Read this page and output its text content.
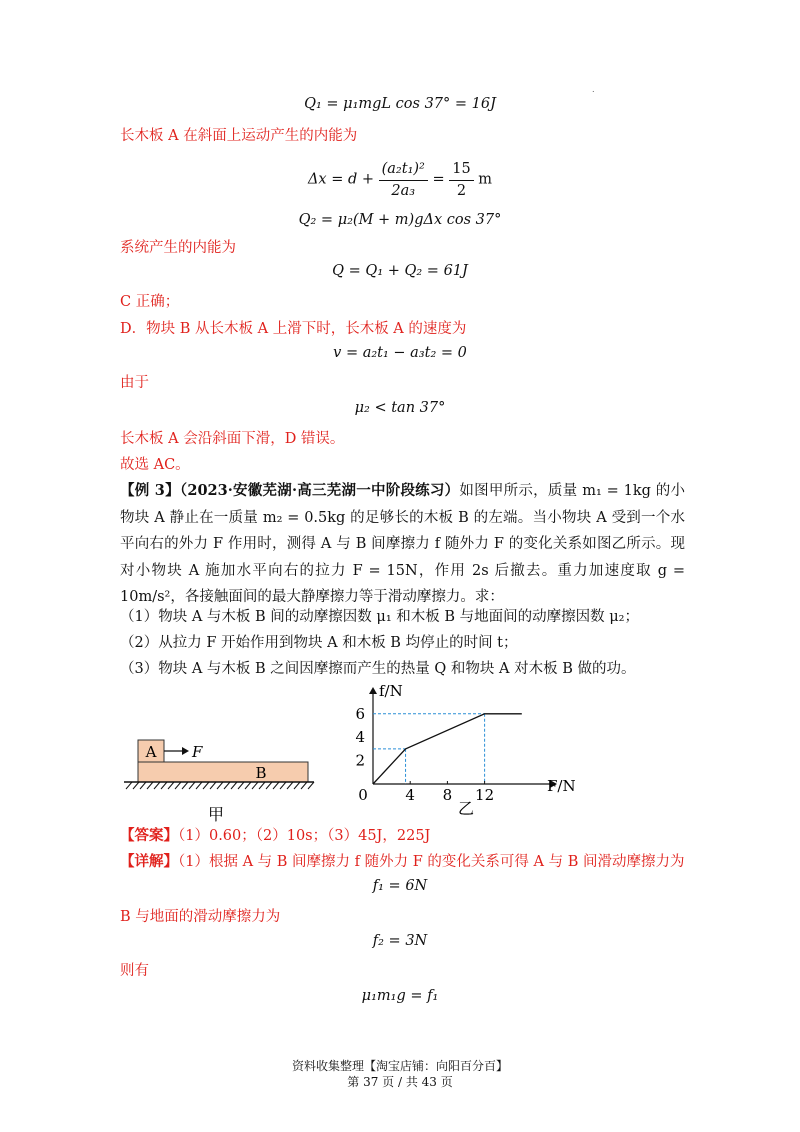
.
Q₁ = μ₁mgL cos 37° = 16J
长木板 A 在斜面上运动产生的内能为
$\Delta x = d + \frac{\text{(a₂t₁)²}}{\text{2a₃}} = \frac{15}{2}$ m
Q₂ = μ₂(M + m)gΔx cos 37°
系统产生的内能为
Q = Q₁ + Q₂ = 61J
C 正确；
D．物块 B 从长木板 A 上滑下时，长木板 A 的速度为
v = a₂t₁ − a₃t₂ = 0
由于
μ₂ < tan 37°
长木板 A 会沿斜面下滑，D 错误。
故选 AC。
【例 3】（2023·安徽芜湖·高三芜湖一中阶段练习）如图甲所示，质量 m₁ = 1kg 的小物块 A 静止在一质量 m₂ = 0.5kg 的足够长的木板 B 的左端。当小物块 A 受到一个水平向右的外力 F 作用时，测得 A 与 B 间摩擦力 f 随外力 F 的变化关系如图乙所示。现对小物块 A 施加水平向右的拉力 F = 15N，作用 2s 后撤去。重力加速度取 g = 10m/s²，各接触面间的最大静摩擦力等于滑动摩擦力。求：
（1）物块 A 与木板 B 间的动摩擦因数 μ₁ 和木板 B 与地面间的动摩擦因数 μ₂；
（2）从拉力 F 开始作用到物块 A 和木板 B 均停止的时间 t；
（3）物块 A 与木板 B 之间因摩擦而产生的热量 Q 和物块 A 对木板 B 做的功。
A F
B
甲
0	4 8 12
2
4
6
f/N
F/N
乙
【答案】（1）0.60；（2）10s；（3）45J，225J
【详解】（1）根据 A 与 B 间摩擦力 f 随外力 F 的变化关系可得 A 与 B 间滑动摩擦力为
f₁ = 6N
B 与地面的滑动摩擦力为
f₂ = 3N
则有
μ₁m₁g = f₁
资料收集整理【淘宝店铺：向阳百分百】
第 37 页 / 共 43 页
